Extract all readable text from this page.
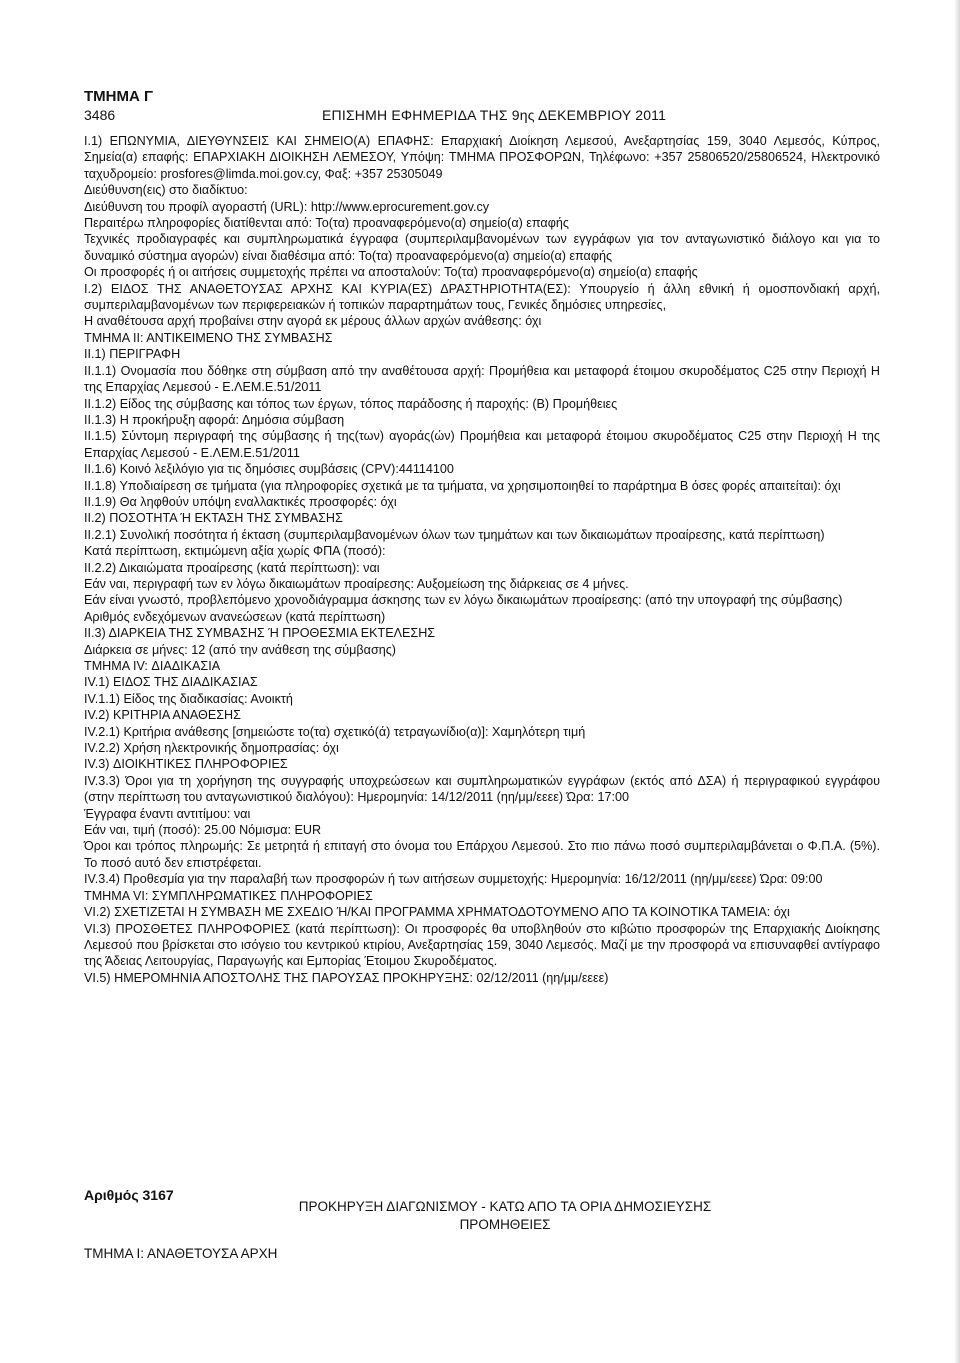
ΤΜΗΜΑ Γ
3486	ΕΠΙΣΗΜΗ ΕΦΗΜΕΡΙΔΑ ΤΗΣ 9ης ΔΕΚΕΜΒΡΙΟΥ 2011

Ι.1) ΕΠΩΝΥΜΙΑ, ΔΙΕΥΘΥΝΣΕΙΣ ΚΑΙ ΣΗΜΕΙΟ(Α) ΕΠΑΦΗΣ: Επαρχιακή Διοίκηση Λεμεσού, Ανεξαρτησίας 159, 3040 Λεμεσός, Κύπρος, Σημεία(α) επαφής: ΕΠΑΡΧΙΑΚΗ ΔΙΟΙΚΗΣΗ ΛΕΜΕΣΟΥ, Υπόψη: ΤΜΗΜΑ ΠΡΟΣΦΟΡΩΝ, Τηλέφωνο: +357 25806520/25806524, Ηλεκτρονικό ταχυδρομείο: prosfores@limda.moi.gov.cy, Φαξ: +357 25305049

Διεύθυνση(εις) στο διαδίκτυο:

Διεύθυνση του προφίλ αγοραστή (URL): http://www.eprocurement.gov.cy

Περαιτέρω πληροφορίες διατίθενται από: Το(τα) προαναφερόμενο(α) σημείο(α) επαφής

Τεχνικές προδιαγραφές και συμπληρωματικά έγγραφα (συμπεριλαμβανομένων των εγγράφων για τον ανταγωνιστικό διάλογο και για το δυναμικό σύστημα αγορών) είναι διαθέσιμα από: Το(τα) προαναφερόμενο(α) σημείο(α) επαφής

Οι προσφορές ή οι αιτήσεις συμμετοχής πρέπει να αποσταλούν: Το(τα) προαναφερόμενο(α) σημείο(α) επαφής

Ι.2) ΕΙΔΟΣ ΤΗΣ ΑΝΑΘΕΤΟΥΣΑΣ ΑΡΧΗΣ ΚΑΙ ΚΥΡΙΑ(ΕΣ) ΔΡΑΣΤΗΡΙΟΤΗΤΑ(ΕΣ): Υπουργείο ή άλλη εθνική ή ομοσπονδιακή αρχή, συμπεριλαμβανομένων των περιφερειακών ή τοπικών παραρτημάτων τους, Γενικές δημόσιες υπηρεσίες,

Η αναθέτουσα αρχή προβαίνει στην αγορά εκ μέρους άλλων αρχών ανάθεσης: όχι

ΤΜΗΜΑ ΙΙ: ΑΝΤΙΚΕΙΜΕΝΟ ΤΗΣ ΣΥΜΒΑΣΗΣ

ΙΙ.1) ΠΕΡΙΓΡΑΦΗ

ΙΙ.1.1) Ονομασία που δόθηκε στη σύμβαση από την αναθέτουσα αρχή: Προμήθεια και μεταφορά έτοιμου σκυροδέματος C25 στην Περιοχή Η της Επαρχίας Λεμεσού - Ε.ΛΕΜ.Ε.51/2011

ΙΙ.1.2) Είδος της σύμβασης και τόπος των έργων, τόπος παράδοσης ή παροχής: (Β) Προμήθειες

ΙΙ.1.3) Η προκήρυξη αφορά: Δημόσια σύμβαση

ΙΙ.1.5) Σύντομη περιγραφή της σύμβασης ή της(των) αγοράς(ών) Προμήθεια και μεταφορά έτοιμου σκυροδέματος C25 στην Περιοχή Η της Επαρχίας Λεμεσού - Ε.ΛΕΜ.Ε.51/2011

ΙΙ.1.6) Κοινό λεξιλόγιο για τις δημόσιες συμβάσεις (CPV):44114100

ΙΙ.1.8) Υποδιαίρεση σε τμήματα (για πληροφορίες σχετικά με τα τμήματα, να χρησιμοποιηθεί το παράρτημα Β όσες φορές απαιτείται): όχι

ΙΙ.1.9) Θα ληφθούν υπόψη εναλλακτικές προσφορές: όχι

ΙΙ.2) ΠΟΣΟΤΗΤΑ Ή ΕΚΤΑΣΗ ΤΗΣ ΣΥΜΒΑΣΗΣ

ΙΙ.2.1) Συνολική ποσότητα ή έκταση (συμπεριλαμβανομένων όλων των τμημάτων και των δικαιωμάτων προαίρεσης, κατά περίπτωση)

Κατά περίπτωση, εκτιμώμενη αξία χωρίς ΦΠΑ (ποσό):

ΙΙ.2.2) Δικαιώματα προαίρεσης (κατά περίπτωση): ναι

Εάν ναι, περιγραφή των εν λόγω δικαιωμάτων προαίρεσης: Αυξομείωση της διάρκειας σε 4 μήνες.

Εάν είναι γνωστό, προβλεπόμενο χρονοδιάγραμμα άσκησης των εν λόγω δικαιωμάτων προαίρεσης: (από την υπογραφή της σύμβασης)

Αριθμός ενδεχόμενων ανανεώσεων (κατά περίπτωση)

ΙΙ.3) ΔΙΑΡΚΕΙΑ ΤΗΣ ΣΥΜΒΑΣΗΣ Ή ΠΡΟΘΕΣΜΙΑ ΕΚΤΕΛΕΣΗΣ

Διάρκεια σε μήνες: 12 (από την ανάθεση της σύμβασης)

ΤΜΗΜΑ ΙV: ΔΙΑΔΙΚΑΣΙΑ

ΙV.1) ΕΙΔΟΣ ΤΗΣ ΔΙΑΔΙΚΑΣΙΑΣ

ΙV.1.1) Είδος της διαδικασίας: Ανοικτή

ΙV.2) ΚΡΙΤΗΡΙΑ ΑΝΑΘΕΣΗΣ

ΙV.2.1) Κριτήρια ανάθεσης [σημειώστε το(τα) σχετικό(ά) τετραγωνίδιο(α)]: Χαμηλότερη τιμή

ΙV.2.2) Χρήση ηλεκτρονικής δημοπρασίας: όχι

ΙV.3) ΔΙΟΙΚΗΤΙΚΕΣ ΠΛΗΡΟΦΟΡΙΕΣ

ΙV.3.3) Όροι για τη χορήγηση της συγγραφής υποχρεώσεων και συμπληρωματικών εγγράφων (εκτός από ΔΣΑ) ή περιγραφικού εγγράφου (στην περίπτωση του ανταγωνιστικού διαλόγου): Ημερομηνία: 14/12/2011 (ηη/μμ/εεεε) Ώρα: 17:00

Έγγραφα έναντι αντιτίμου: ναι

Εάν ναι, τιμή (ποσό): 25.00 Νόμισμα: EUR

Όροι και τρόπος πληρωμής: Σε μετρητά ή επιταγή στο όνομα του Επάρχου Λεμεσού. Στο πιο πάνω ποσό συμπεριλαμβάνεται ο Φ.Π.Α. (5%). Το ποσό αυτό δεν επιστρέφεται.

ΙV.3.4) Προθεσμία για την παραλαβή των προσφορών ή των αιτήσεων συμμετοχής: Ημερομηνία: 16/12/2011 (ηη/μμ/εεεε) Ώρα: 09:00

ΤΜΗΜΑ VΙ: ΣΥΜΠΛΗΡΩΜΑΤΙΚΕΣ ΠΛΗΡΟΦΟΡΙΕΣ

VΙ.2) ΣΧΕΤΙΖΕΤΑΙ Η ΣΥΜΒΑΣΗ ΜΕ ΣΧΕΔΙΟ Ή/ΚΑΙ ΠΡΟΓΡΑΜΜΑ ΧΡΗΜΑΤΟΔΟΤΟΥΜΕΝΟ ΑΠΟ ΤΑ ΚΟΙΝΟΤΙΚΑ ΤΑΜΕΙΑ: όχι

VΙ.3) ΠΡΟΣΘΕΤΕΣ ΠΛΗΡΟΦΟΡΙΕΣ (κατά περίπτωση): Οι προσφορές θα υποβληθούν στο κιβώτιο προσφορών της Επαρχιακής Διοίκησης Λεμεσού που βρίσκεται στο ισόγειο του κεντρικού κτιρίου, Ανεξαρτησίας 159, 3040 Λεμεσός. Μαζί με την προσφορά να επισυναφθεί αντίγραφο της Άδειας Λειτουργίας, Παραγωγής και Εμπορίας Έτοιμου Σκυροδέματος.

VΙ.5) ΗΜΕΡΟΜΗΝΙΑ ΑΠΟΣΤΟΛΗΣ ΤΗΣ ΠΑΡΟΥΣΑΣ ΠΡΟΚΗΡΥΞΗΣ: 02/12/2011 (ηη/μμ/εεεε)

Αριθμός 3167
ΠΡΟΚΗΡΥΞΗ ΔΙΑΓΩΝΙΣΜΟΥ - ΚΑΤΩ ΑΠΟ ΤΑ ΟΡΙΑ ΔΗΜΟΣΙΕΥΣΗΣ
ΠΡΟΜΗΘΕΙΕΣ
ΤΜΗΜΑ Ι: ΑΝΑΘΕΤΟΥΣΑ ΑΡΧΗ
